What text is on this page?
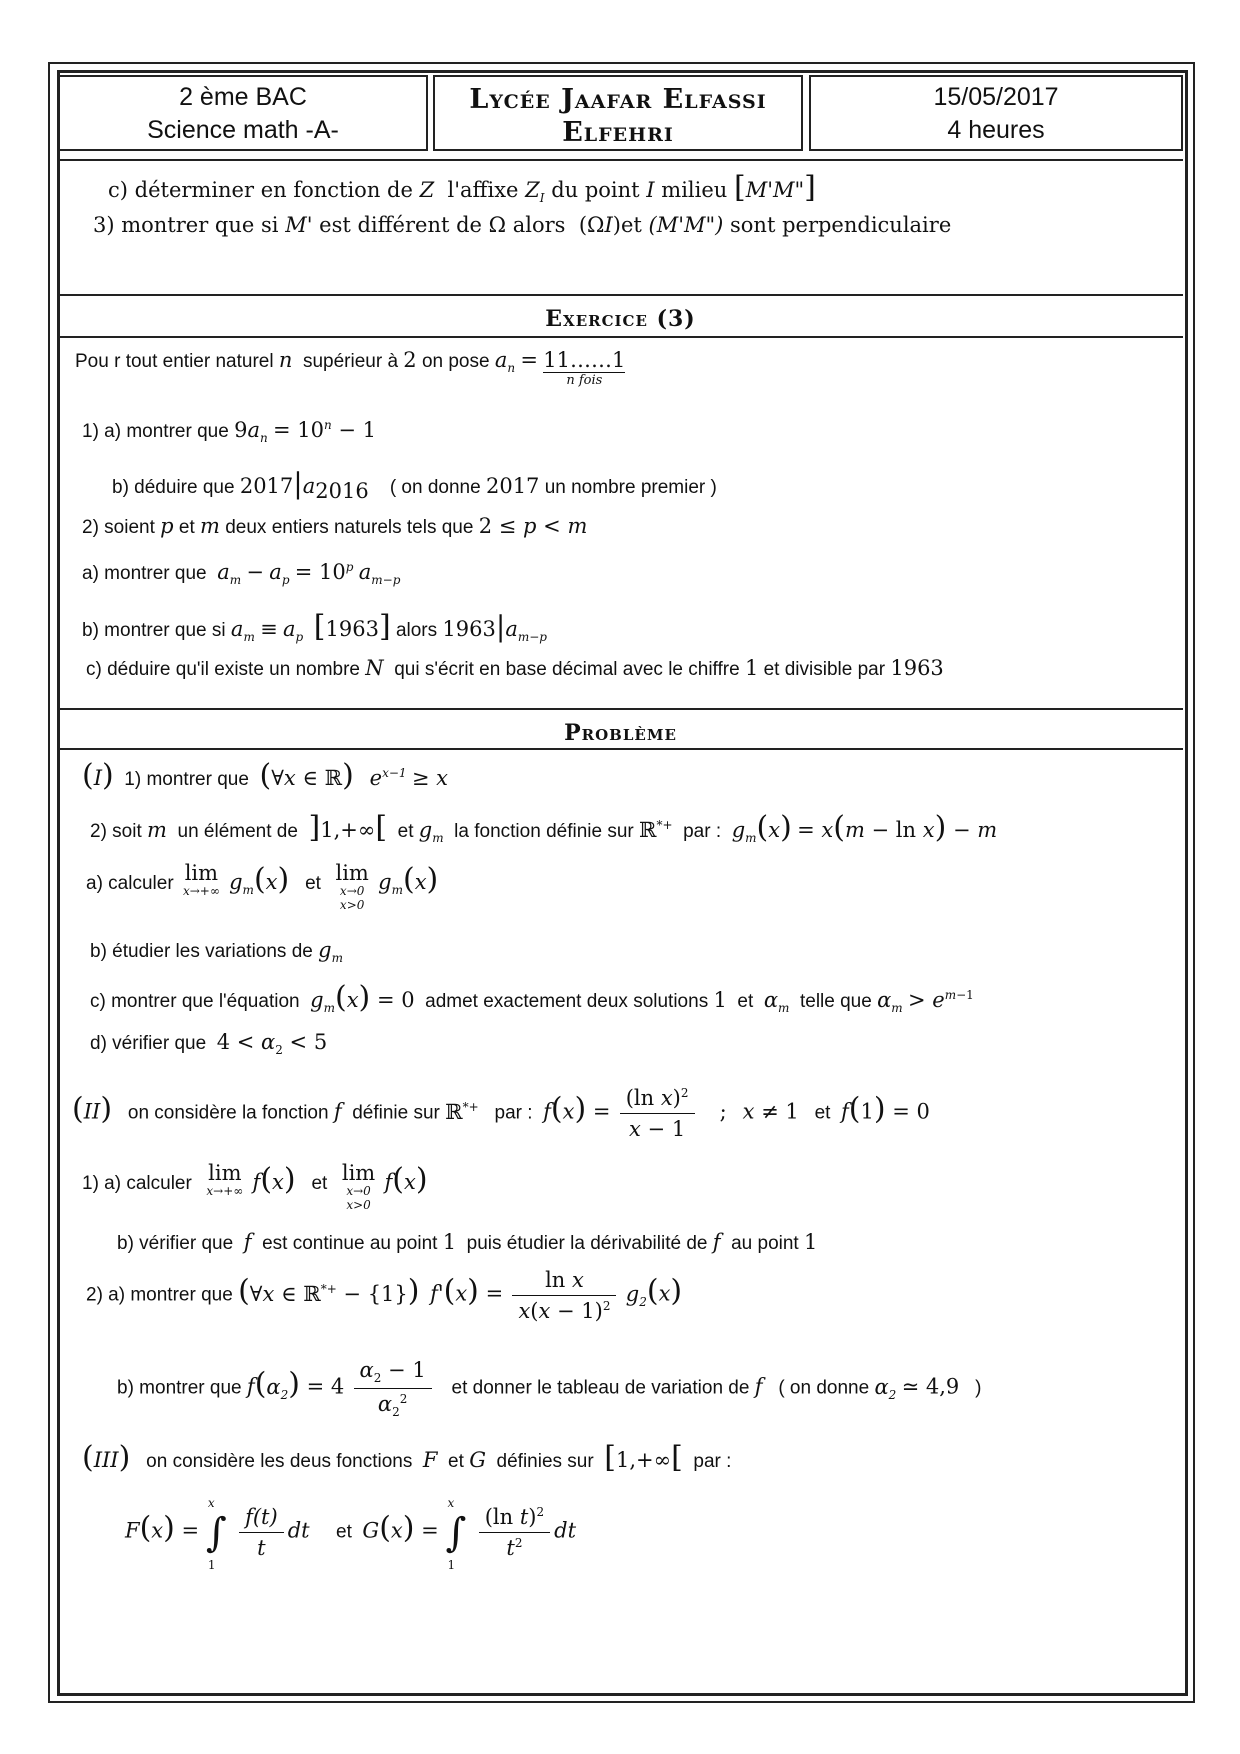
2 ème BAC
Science math -A-
Lycée Jaafar Elfassi
Elfehri
15/05/2017
4 heures
c) déterminer en fonction de Z l'affixe $Z_I$ du point I milieu [M'M"]
3) montrer que si M' est différent de Ω alors (ΩI)et (M'M") sont perpendiculaire
Exercice (3)
Pou r tout entier naturel n supérieur à 2 on pose $a_n$ = 11……1
n fois
1) a) montrer que $9a_n = 10^n - 1$
b) déduire que $2017|a_{2016}$ ( on donne 2017 un nombre premier )
2) soient p et m deux entiers naturels tels que 2 ≤ p < m
a) montrer que $a_m - a_p = 10^p$ $a_{m-p}$
b) montrer que si $a_m \equiv a_p$ [1963] alors $1963|a_{m-p}$
c) déduire qu'il existe un nombre N qui s'écrit en base décimal avec le chiffre 1 et divisible par 1963
Problème
(I) 1) montrer que (∀x ∈ ℝ) $e^{x-1} \ge x$
2) soit m un élément de ]1,+∞[ et $g_m$ la fonction définie sur ℝ*+ par : $g_m(x) = x(m - \ln x) - m$
a) calculer lim
x→+∞ $g_m(x)$ et lim
x→0
x>0
$g_m(x)$
b) étudier les variations de $g_m$
c) montrer que l'équation $g_m(x) = 0$ admet exactement deux solutions 1 et $\alpha_m$ telle que $\alpha_m > e^{m-1}$
d) vérifier que $4 < \alpha_2 < 5$
(II) on considère la fonction f définie sur ℝ*+ par : $f(x) = \frac{(\ln x)^2}{x - 1}$ ; x ≠ 1 et f(1) = 0
1) a) calculer lim
x→+∞ f(x) et lim
x→0
x>0
f(x)
b) vérifier que f est continue au point 1 puis étudier la dérivabilité de f au point 1
2) a) montrer que (∀x ∈ ℝ*+ − {1}) $f'(x) = \frac{\text{ln x}}{x(x - 1)^2} g_2(x)$
b) montrer que $f(\alpha_2) = 4 \frac{\alpha_2 - 1}{\alpha_2^2}$ et donner le tableau de variation de f ( on donne $\alpha_2$ ≃ 4,9 )
(III) on considère les deus fonctions F et G définies sur [1,+∞[ par :
F(x) = ∫
x
1

$\frac{f(t)}{t}$ dt et G(x) = ∫
x
1

$\frac{(\ln t)^2}{t^2}$ dt
